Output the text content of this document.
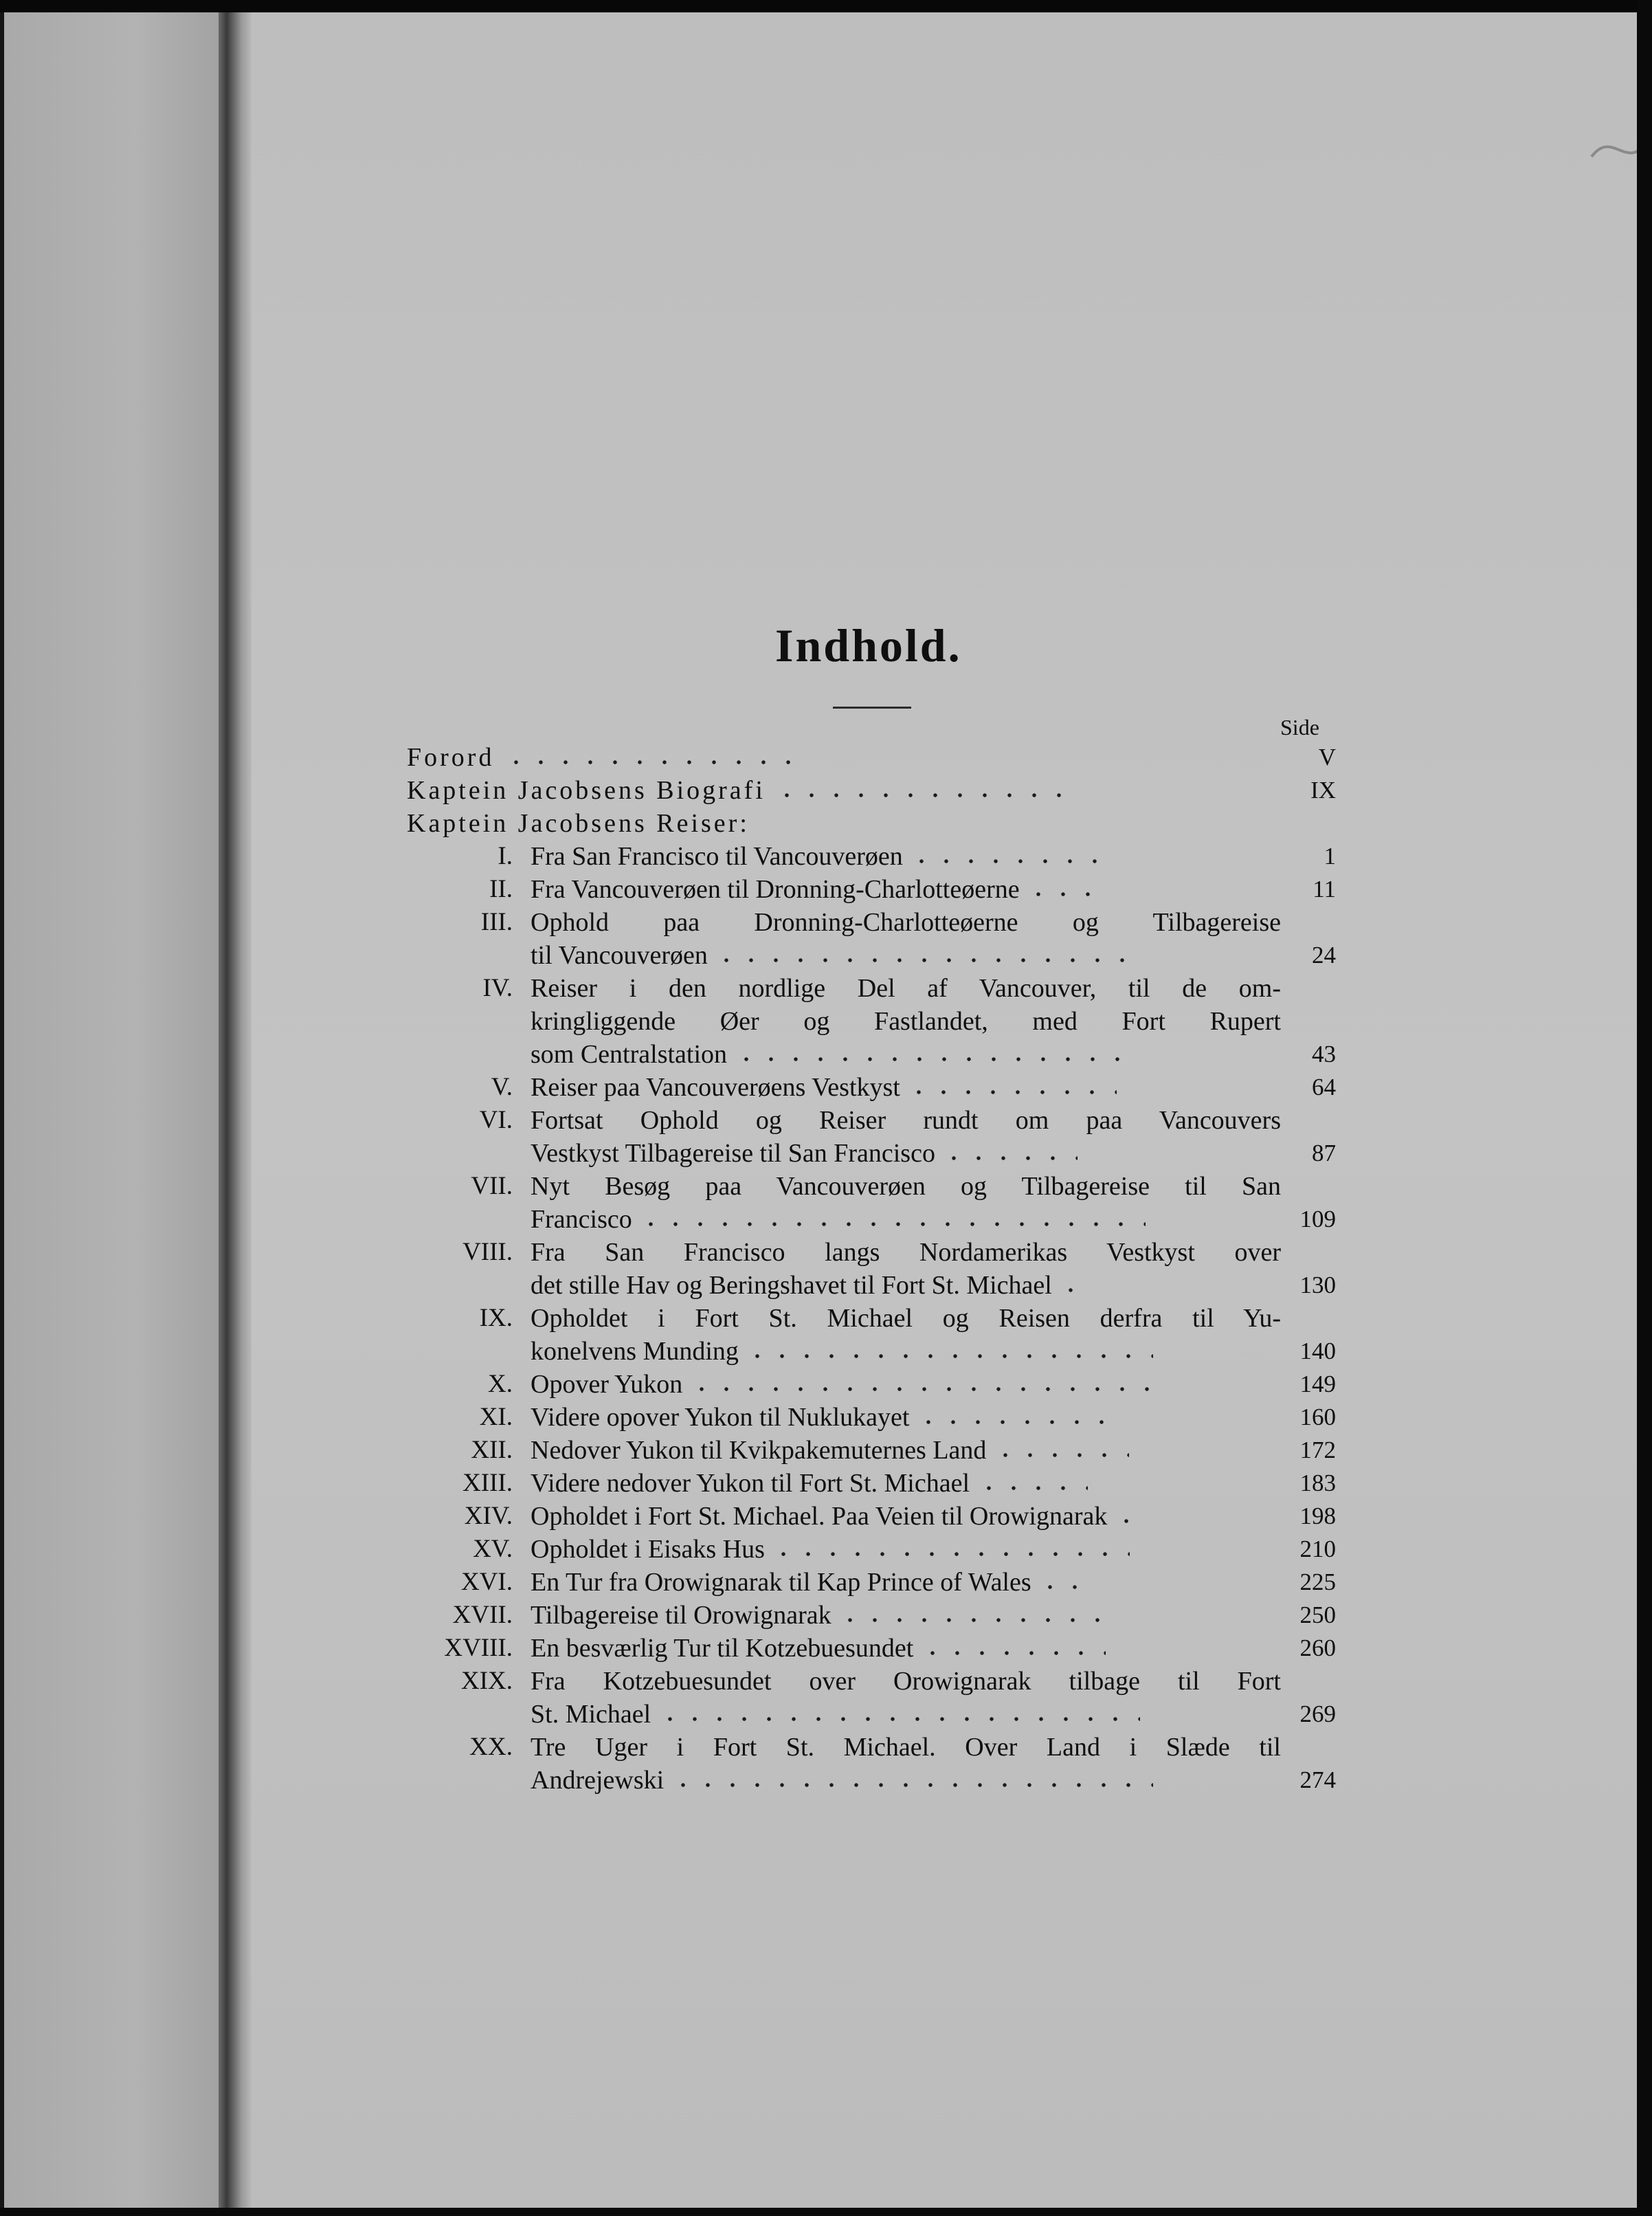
Indhold.
Side
Forord	V
Kaptein Jacobsens Biografi	IX
Kaptein Jacobsens Reiser:
I. Fra San Francisco til Vancouverøen	1
II. Fra Vancouverøen til Dronning-Charlotteøerne	11
III. Ophold paa Dronning-Charlotteøerne og Tilbagereise
til Vancouverøen	24
IV. Reiser i den nordlige Del af Vancouver, til de om-
kringliggende Øer og Fastlandet, med Fort Rupert
som Centralstation	43
V. Reiser paa Vancouverøens Vestkyst	64
VI. Fortsat Ophold og Reiser rundt om paa Vancouvers
Vestkyst Tilbagereise til San Francisco	87
VII. Nyt Besøg paa Vancouverøen og Tilbagereise til San
Francisco	109
VIII. Fra San Francisco langs Nordamerikas Vestkyst over
det stille Hav og Beringshavet til Fort St. Michael	130
IX. Opholdet i Fort St. Michael og Reisen derfra til Yu-
konelvens Munding	140
X. Opover Yukon	149
XI. Videre opover Yukon til Nuklukayet	160
XII. Nedover Yukon til Kvikpakemuternes Land	172
XIII. Videre nedover Yukon til Fort St. Michael	183
XIV. Opholdet i Fort St. Michael. Paa Veien til Orowignarak	198
XV. Opholdet i Eisaks Hus	210
XVI. En Tur fra Orowignarak til Kap Prince of Wales	225
XVII. Tilbagereise til Orowignarak	250
XVIII. En besværlig Tur til Kotzebuesundet	260
XIX. Fra Kotzebuesundet over Orowignarak tilbage til Fort
St. Michael	269
XX. Tre Uger i Fort St. Michael. Over Land i Slæde til
Andrejewski	274
